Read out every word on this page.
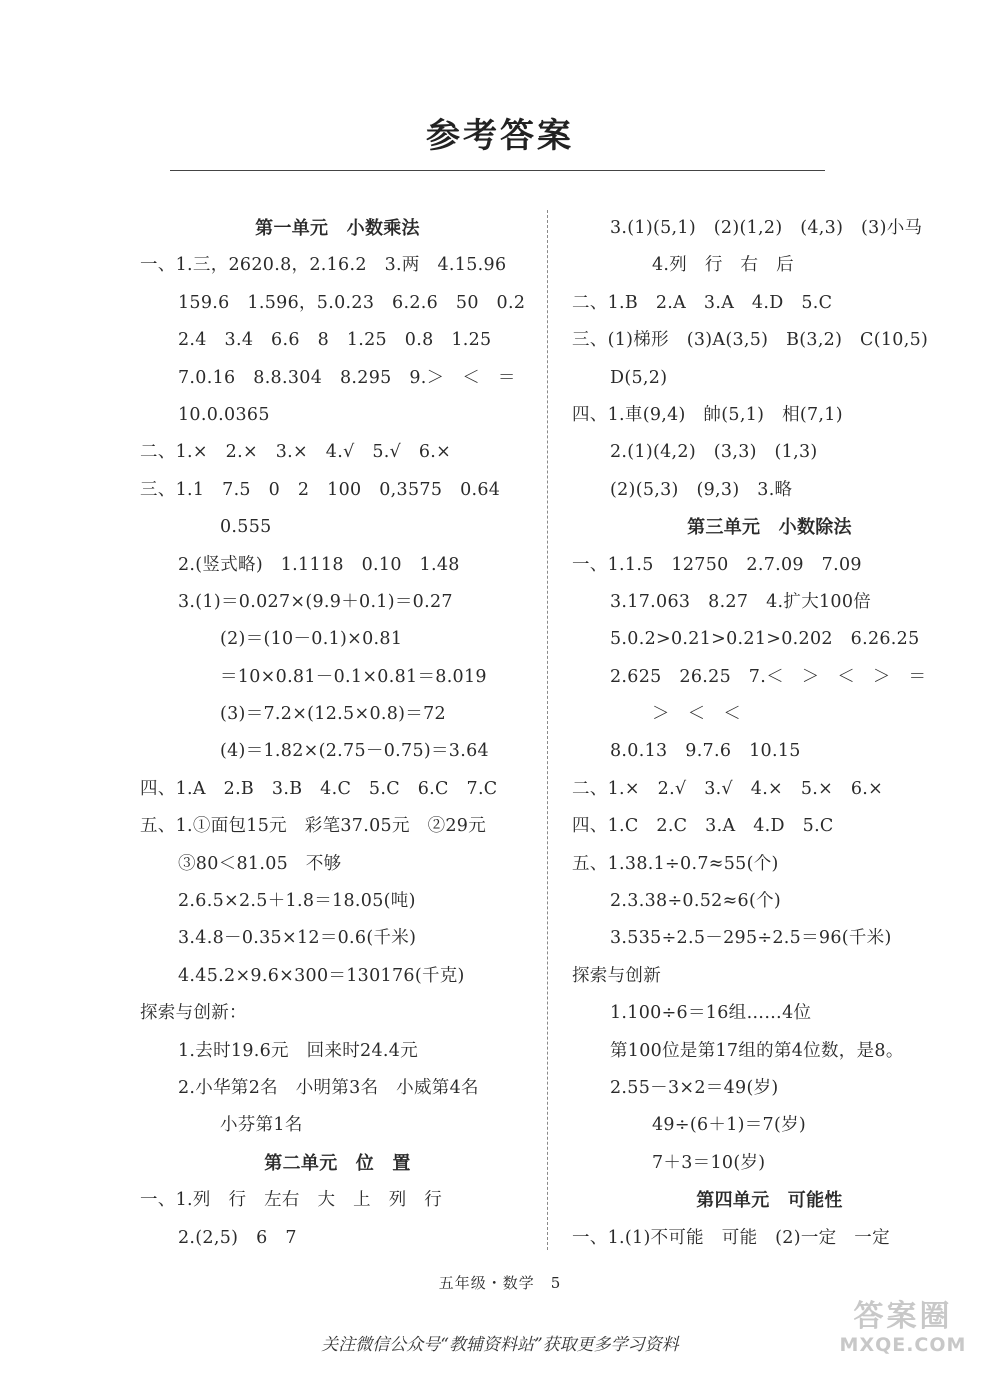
参考答案
第一单元　小数乘法
一、1.三，2620.8，2.16.2　3.两　4.15.96
159.6　1.596，5.0.23　6.2.6　50　0.2
2.4　3.4　6.6　8　1.25　0.8　1.25
7.0.16　8.8.304　8.295　9.＞　＜　＝
10.0.0365
二、1.×　2.×　3.×　4.√　5.√　6.×
三、1.1　7.5　0　2　100　0,3575　0.64
0.555
2.(竖式略)　1.1118　0.10　1.48
3.(1)＝0.027×(9.9＋0.1)＝0.27
(2)＝(10－0.1)×0.81
＝10×0.81－0.1×0.81＝8.019
(3)＝7.2×(12.5×0.8)＝72
(4)＝1.82×(2.75－0.75)＝3.64
四、1.A　2.B　3.B　4.C　5.C　6.C　7.C
五、1.①面包15元　彩笔37.05元　②29元
③80＜81.05　不够
2.6.5×2.5＋1.8＝18.05(吨)
3.4.8－0.35×12＝0.6(千米)
4.45.2×9.6×300＝130176(千克)
探索与创新：
1.去时19.6元　回来时24.4元
2.小华第2名　小明第3名　小威第4名
小芬第1名
第二单元　位　置
一、1.列　行　左右　大　上　列　行
2.(2,5)　6　7
3.(1)(5,1)　(2)(1,2)　(4,3)　(3)小马
4.列　行　右　后
二、1.B　2.A　3.A　4.D　5.C
三、(1)梯形　(3)A(3,5)　B(3,2)　C(10,5)
D(5,2)
四、1.車(9,4)　帥(5,1)　相(7,1)
2.(1)(4,2)　(3,3)　(1,3)
(2)(5,3)　(9,3)　3.略
第三单元　小数除法
一、1.1.5　12750　2.7.09　7.09
3.17.063　8.27　4.扩大100倍
5.0.2>0.21>0.21>0.202　6.26.25
2.625　26.25　7.＜　＞　＜　＞　＝
＞　＜　＜
8.0.13　9.7.6　10.15
二、1.×　2.√　3.√　4.×　5.×　6.×
四、1.C　2.C　3.A　4.D　5.C
五、1.38.1÷0.7≈55(个)
2.3.38÷0.52≈6(个)
3.535÷2.5－295÷2.5＝96(千米)
探索与创新
1.100÷6＝16组……4位
第100位是第17组的第4位数，是8。
2.55－3×2＝49(岁)
49÷(6＋1)＝7(岁)
7＋3＝10(岁)
第四单元　可能性
一、1.(1)不可能　可能　(2)一定　一定
五年级・数学　5
关注微信公众号“教辅资料站”获取更多学习资料
答案圈
MXQE.COM
